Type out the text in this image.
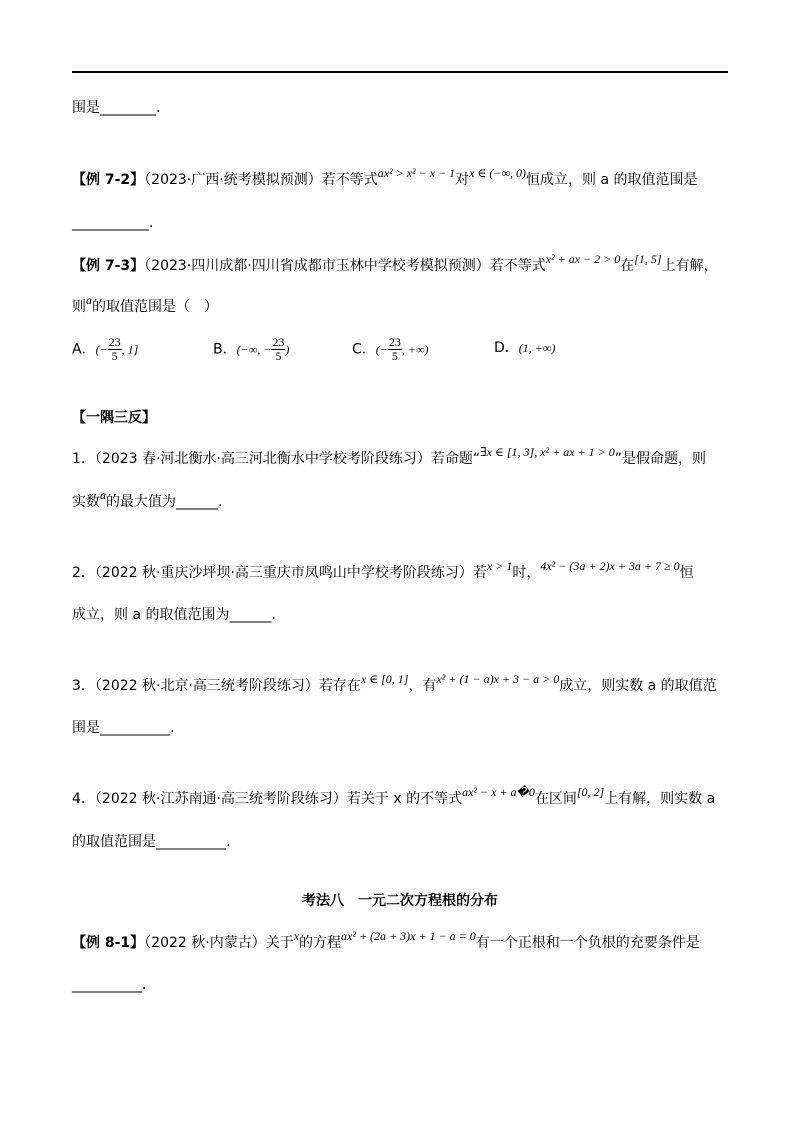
围是________.
【例 7-2】（2023·广西·统考模拟预测）若不等式ax² > x² − x − 1对x ∈ (−∞, 0)恒成立，则 a 的取值范围是
___________.
【例 7-3】（2023·四川成都·四川省成都市玉林中学校考模拟预测）若不等式x² + ax − 2 > 0在[1, 5]上有解，
则a的取值范围是（　）
A．(− $\frac{23}{5}$ , 1]	B．(−∞, − $\frac{23}{5}$ )	C．(− $\frac{23}{5}$ , +∞)	D．(1, +∞)
【一隅三反】
1．（2023 春·河北衡水·高三河北衡水中学校考阶段练习）若命题“∃x ∈ [1, 3], x² + ax + 1 > 0”是假命题，则
实数a的最大值为______.
2．（2022 秋·重庆沙坪坝·高三重庆市凤鸣山中学校考阶段练习）若x > 1时，4x² − (3a + 2)x + 3a + 7 ≥ 0恒
成立，则 a 的取值范围为______.
3．（2022 秋·北京·高三统考阶段练习）若存在x ∈ [0, 1]，有x² + (1 − a)x + 3 − a > 0成立，则实数 a 的取值范
围是__________.
4．（2022 秋·江苏南通·高三统考阶段练习）若关于 x 的不等式ax² − x + a�0在区间[0, 2]上有解，则实数 a
的取值范围是__________.
考法八　一元二次方程根的分布
【例 8-1】（2022 秋·内蒙古）关于x的方程ax² + (2a + 3)x + 1 − a = 0有一个正根和一个负根的充要条件是
__________.
